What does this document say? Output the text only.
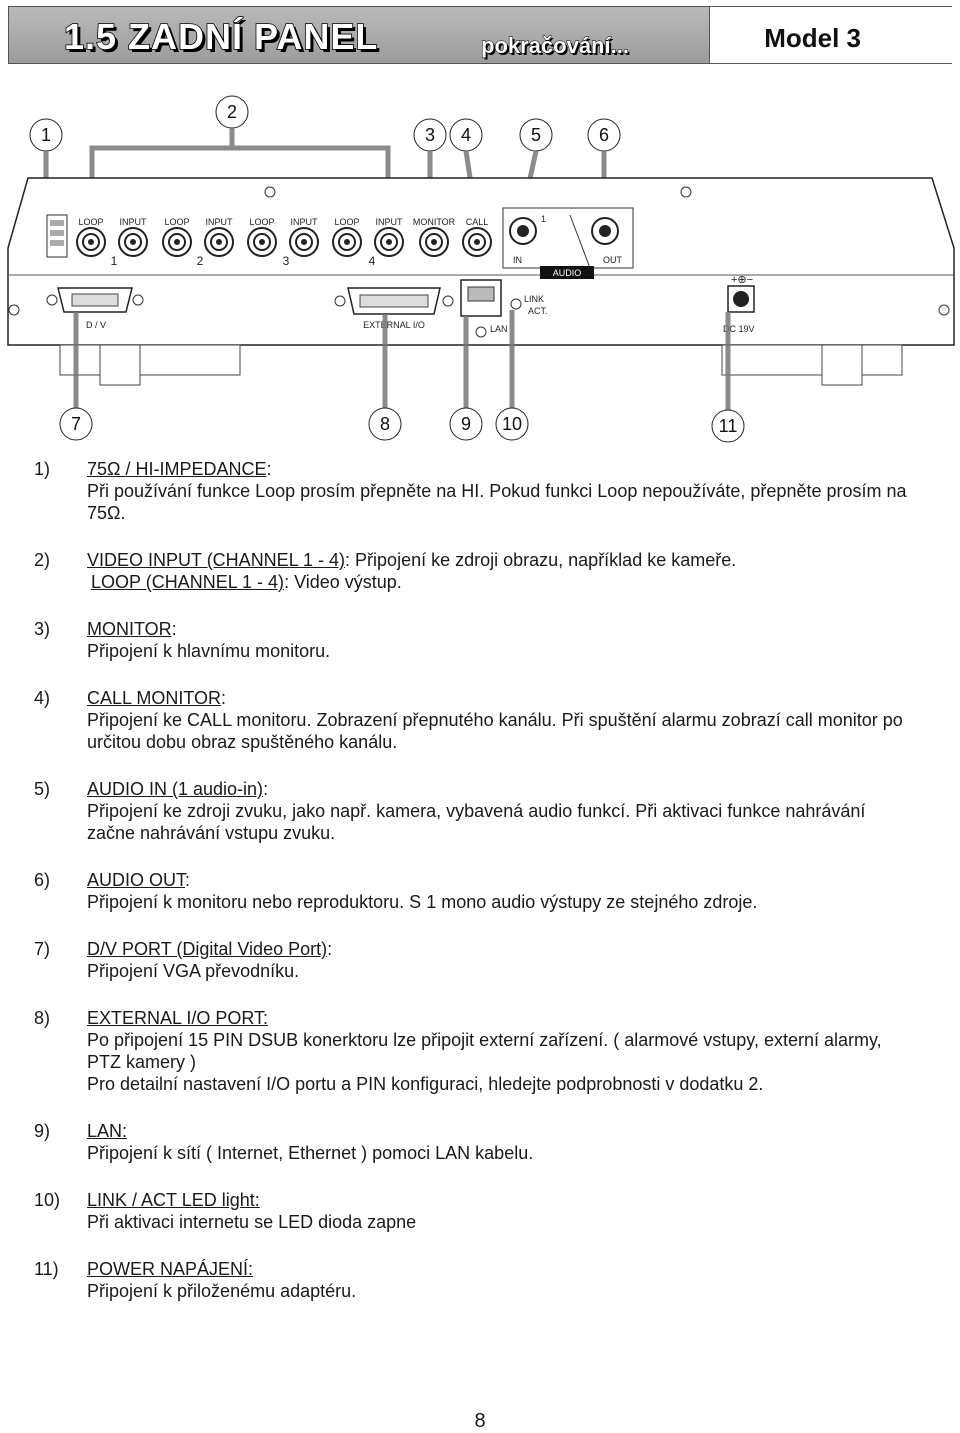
1.5 ZADNÍ PANEL	pokračování...	Model 3
1
2
3 4	5	6
LOOP INPUT LOOP INPUT LOOP INPUT LOOP INPUT MONITOR CALL
1	2	3	4
AUDIO
1
IN	OUT
D / V	EXTERNAL I/O	LAN
LINK
ACT.
+⊕−
DC 19V
7	8	9 10	11
1) 75Ω / HI-IMPEDANCE:
Při používání funkce Loop prosím přepněte na HI. Pokud funkci Loop nepoužíváte, přepněte prosím na 75Ω.
2) VIDEO INPUT (CHANNEL 1 - 4): Připojení ke zdroji obrazu, například ke kameře.
LOOP (CHANNEL 1 - 4): Video výstup.
3) MONITOR:
Připojení k hlavnímu monitoru.
4) CALL MONITOR:
Připojení ke CALL monitoru. Zobrazení přepnutého kanálu. Při spuštění alarmu zobrazí call monitor po určitou dobu obraz spuštěného kanálu.
5) AUDIO IN (1 audio-in):
Připojení ke zdroji zvuku, jako např. kamera, vybavená audio funkcí. Při aktivaci funkce nahrávání začne nahrávání vstupu zvuku.
6) AUDIO OUT:
Připojení k monitoru nebo reproduktoru. S 1 mono audio výstupy ze stejného zdroje.
7) D/V PORT (Digital Video Port):
Připojení VGA převodníku.
8) EXTERNAL I/O PORT:
Po připojení 15 PIN DSUB konerktoru lze připojit externí zařízení. ( alarmové vstupy, externí alarmy, PTZ kamery )
Pro detailní nastavení I/O portu a PIN konfiguraci, hledejte podprobnosti v dodatku 2.
9) LAN:
Připojení k sítí ( Internet, Ethernet ) pomoci LAN kabelu.
10) LINK / ACT LED light:
Při aktivaci internetu se LED dioda zapne
11) POWER NAPÁJENÍ:
Připojení k přiloženému adaptéru.
8
